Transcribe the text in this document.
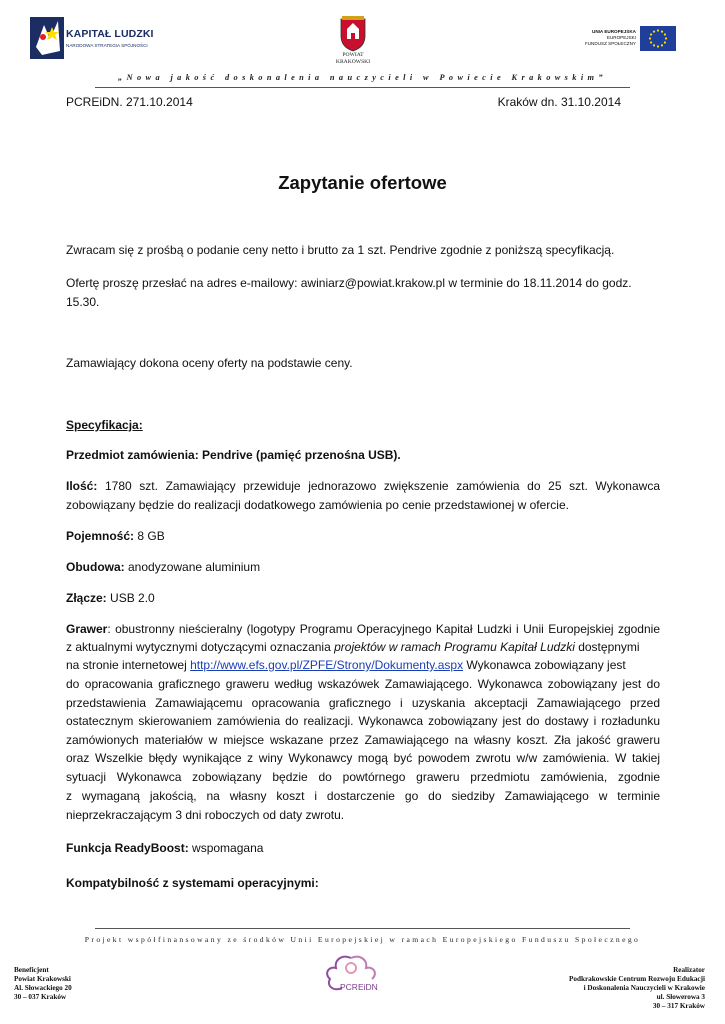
KAPITAŁ LUDZKI
NARODOWA STRATEGIA SPÓJNOŚCI
POWIAT
KRAKOWSKI
UNIA EUROPEJSKA
EUROPEJSKI
FUNDUSZ SPOŁECZNY
„Nowa jakość doskonalenia nauczycieli w Powiecie Krakowskim”
PCREiDN. 271.10.2014	Kraków dn. 31.10.2014
Zapytanie ofertowe
Zwracam się z prośbą o podanie ceny netto i brutto za 1 szt. Pendrive zgodnie z poniższą specyfikacją.
Ofertę proszę przesłać na adres e-mailowy: awiniarz@powiat.krakow.pl w terminie do 18.11.2014 do godz.
15.30.
Zamawiający dokona oceny oferty na podstawie ceny.
Specyfikacja:
Przedmiot zamówienia: Pendrive (pamięć przenośna USB).
Ilość: 1780 szt. Zamawiający przewiduje jednorazowo zwiększenie zamówienia do 25 szt. Wykonawca
zobowiązany będzie do realizacji dodatkowego zamówienia po cenie przedstawionej w ofercie.
Pojemność: 8 GB
Obudowa: anodyzowane aluminium
Złącze: USB 2.0
Grawer: obustronny nieścieralny (logotypy Programu Operacyjnego Kapitał Ludzki i Unii Europejskiej zgodnie
z aktualnymi wytycznymi dotyczącymi oznaczania projektów w ramach Programu Kapitał Ludzki dostępnymi
na stronie internetowej http://www.efs.gov.pl/ZPFE/Strony/Dokumenty.aspx Wykonawca zobowiązany jest
do opracowania graficznego graweru według wskazówek Zamawiającego. Wykonawca zobowiązany jest do
przedstawienia Zamawiającemu opracowania graficznego i uzyskania akceptacji Zamawiającego przed
ostatecznym skierowaniem zamówienia do realizacji. Wykonawca zobowiązany jest do dostawy i rozładunku
zamówionych materiałów w miejsce wskazane przez Zamawiającego na własny koszt. Zła jakość graweru
oraz Wszelkie błędy wynikające z winy Wykonawcy mogą być powodem zwrotu w/w zamówienia. W takiej
sytuacji Wykonawca zobowiązany będzie do powtórnego graweru przedmiotu zamówienia, zgodnie
z wymaganą jakością, na własny koszt i dostarczenie go do siedziby Zamawiającego w terminie
nieprzekraczającym 3 dni roboczych od daty zwrotu.
Funkcja ReadyBoost: wspomagana
Kompatybilność z systemami operacyjnymi:
Projekt współfinansowany ze środków Unii Europejskiej w ramach Europejskiego Funduszu Społecznego
Beneficjent
Powiat Krakowski
Al. Słowackiego 20
30 – 037 Kraków
PCREiDN
Realizator
Podkrakowskie Centrum Rozwoju Edukacji
i Doskonalenia Nauczycieli w Krakowie
ul. Słowerowa 3
30 – 317 Kraków
